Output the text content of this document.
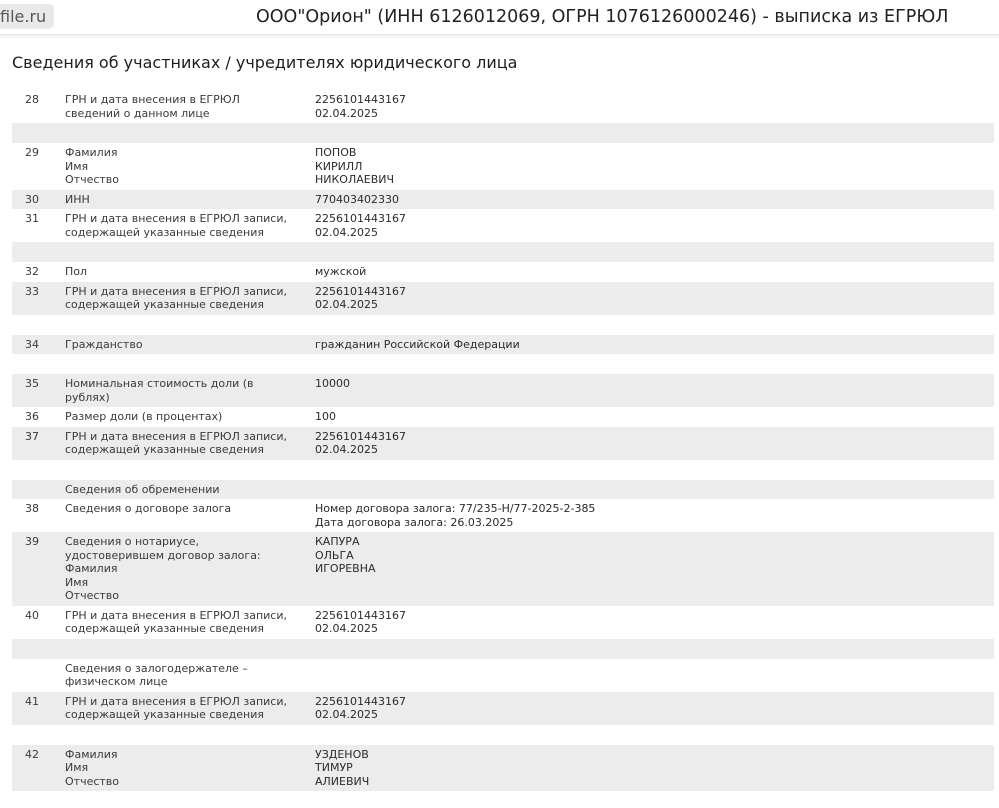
file.ru	ООО"Орион" (ИНН 6126012069, ОГРН 1076126000246) - выписка из ЕГРЮЛ
Сведения об участниках / учредителях юридического лица
28	ГРН и дата внесения в ЕГРЮЛ
сведений о данном лице	2256101443167
02.04.2025

29	Фамилия
Имя
Отчество	ПОПОВ
КИРИЛЛ
НИКОЛАЕВИЧ

30	ИНН	770403402330

31	ГРН и дата внесения в ЕГРЮЛ записи,
содержащей указанные сведения	2256101443167
02.04.2025

32	Пол	мужской

33	ГРН и дата внесения в ЕГРЮЛ записи,
содержащей указанные сведения	2256101443167
02.04.2025

34	Гражданство	гражданин Российской Федерации

35	Номинальная стоимость доли (в
рублях)	10000

36	Размер доли (в процентах)	100

37	ГРН и дата внесения в ЕГРЮЛ записи,
содержащей указанные сведения	2256101443167
02.04.2025

	Сведения об обременении	

38	Сведения о договоре залога	Номер договора залога: 77/235-Н/77-2025-2-385
Дата договора залога: 26.03.2025

39	Сведения о нотариусе,
удостоверившем договор залога:
Фамилия
Имя
Отчество	КАПУРА
ОЛЬГА
ИГОРЕВНА

40	ГРН и дата внесения в ЕГРЮЛ записи,
содержащей указанные сведения	2256101443167
02.04.2025

	Сведения о залогодержателе –
физическом лице	

41	ГРН и дата внесения в ЕГРЮЛ записи,
содержащей указанные сведения	2256101443167
02.04.2025

42	Фамилия
Имя
Отчество	УЗДЕНОВ
ТИМУР
АЛИЕВИЧ
